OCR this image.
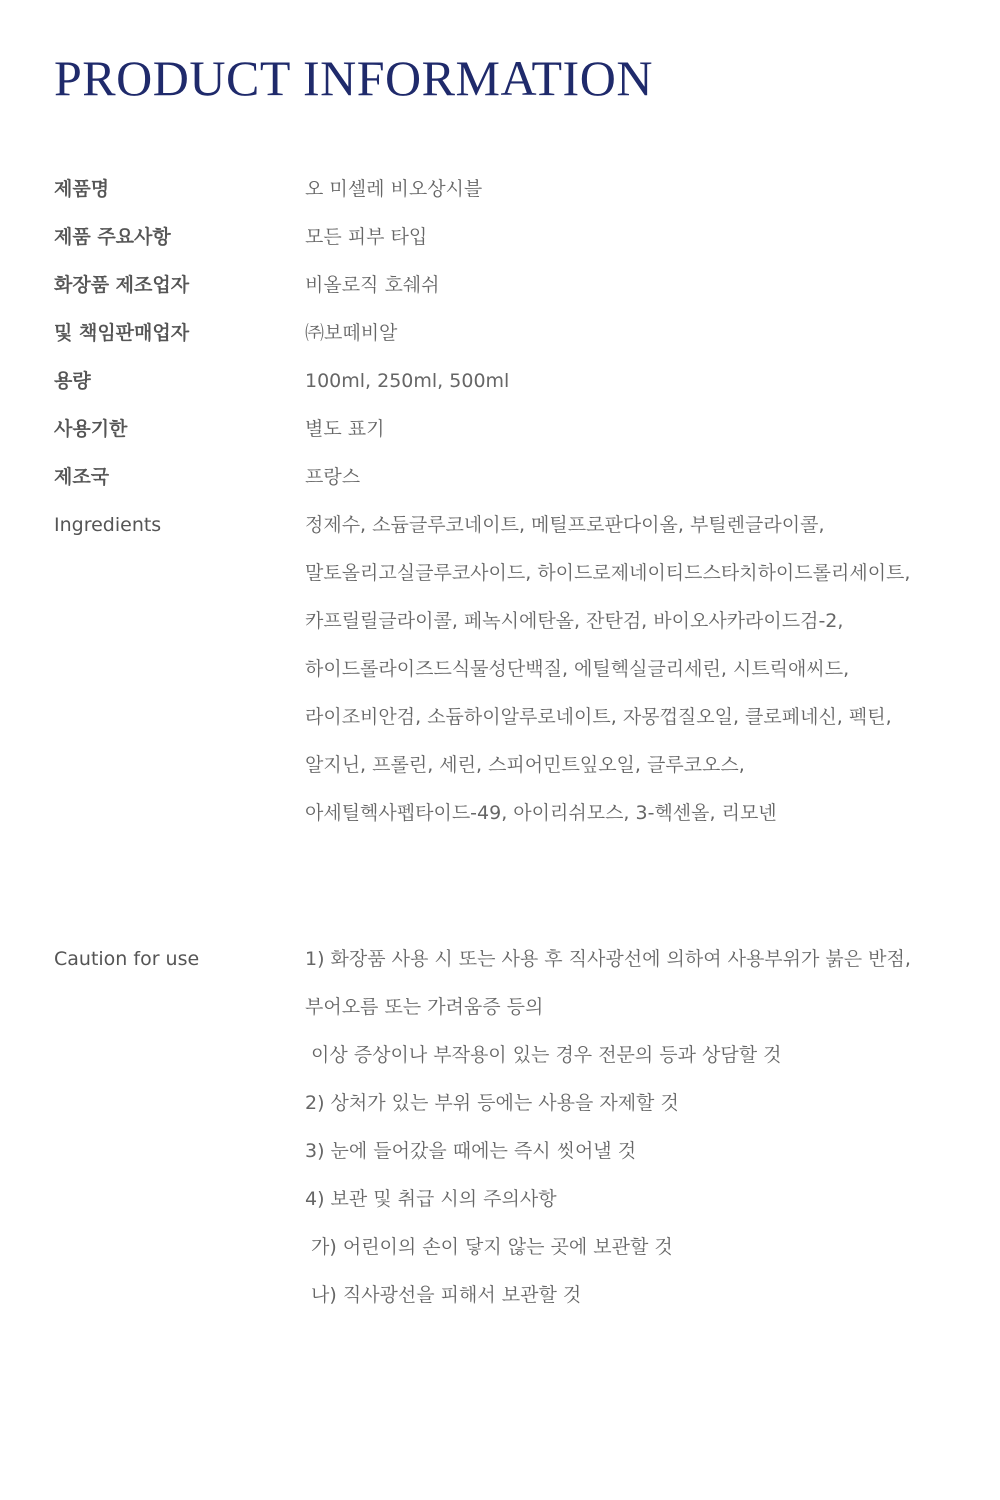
PRODUCT INFORMATION
제품명	오 미셀레 비오상시블
제품 주요사항	모든 피부 타입
화장품 제조업자	비올로직 호쉐쉬
및 책임판매업자	㈜보떼비알
용량	100ml, 250ml, 500ml
사용기한	별도 표기
제조국	프랑스
Ingredients	정제수, 소듐글루코네이트, 메틸프로판다이올, 부틸렌글라이콜,
말토올리고실글루코사이드, 하이드로제네이티드스타치하이드롤리세이트,
카프릴릴글라이콜, 페녹시에탄올, 잔탄검, 바이오사카라이드검-2,
하이드롤라이즈드식물성단백질, 에틸헥실글리세린, 시트릭애씨드,
라이조비안검, 소듐하이알루로네이트, 자몽껍질오일, 클로페네신, 펙틴,
알지닌, 프롤린, 세린, 스피어민트잎오일, 글루코오스,
아세틸헥사펩타이드-49, 아이리쉬모스, 3-헥센올, 리모넨
Caution for use	1) 화장품 사용 시 또는 사용 후 직사광선에 의하여 사용부위가 붉은 반점,
부어오름 또는 가려움증 등의
이상 증상이나 부작용이 있는 경우 전문의 등과 상담할 것
2) 상처가 있는 부위 등에는 사용을 자제할 것
3) 눈에 들어갔을 때에는 즉시 씻어낼 것
4) 보관 및 취급 시의 주의사항
가) 어린이의 손이 닿지 않는 곳에 보관할 것
나) 직사광선을 피해서 보관할 것
